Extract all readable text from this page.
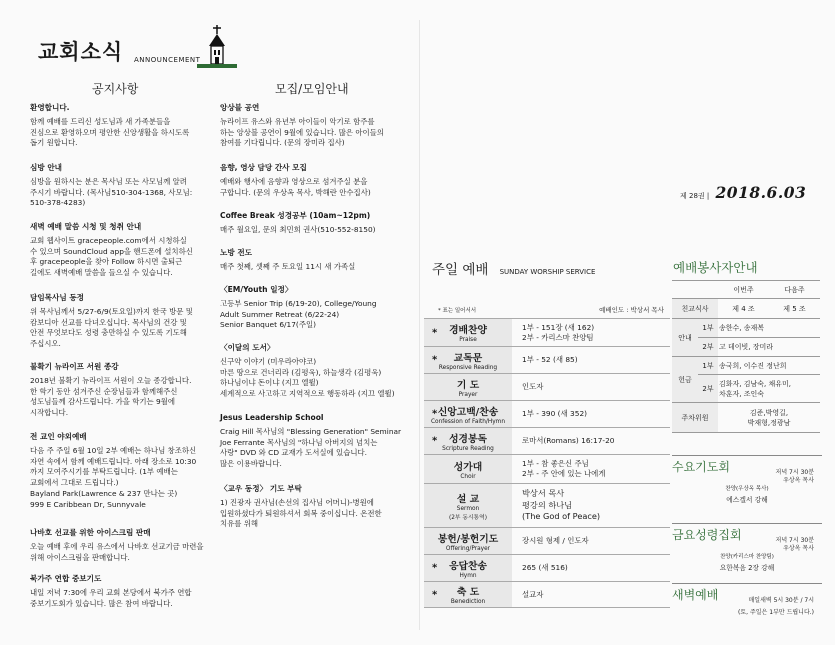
교회소식 ANNOUNCEMENT
공지사항	모집/모임안내
환영합니다.

함께 예배를 드리신 성도님과 새 가족분들을
진심으로 환영하오며 평안한 신앙생활을 하시도록
돕기 원합니다.

심방 안내

심방을 원하시는 분은 목사님 또는 사모님께 알려
주시기 바랍니다. (목사님510-304-1368, 사모님:
510-378-4283)

새벽 예배 말씀 시청 및 청취 안내

교회 웹사이트 gracepeople.com에서 시청하실
수 있으며 SoundCloud app을 핸드폰에 설치하신
후 gracepeople을 찾아 Follow 하시면 출퇴근
길에도 새벽예배 말씀을 들으실 수 있습니다.

담임목사님 동정

위 목사님께서 5/27-6/9(토요일)까지 한국 방문 및
캄보디아 선교를 다녀오십니다. 목사님의 건강 및
안전 무엇보다도 성령 충만하실 수 있도록 기도해
주십시오.

불확기 뉴라이프 서원 종강

2018년 불확기 뉴라이프 서원이 오늘 종강합니다.
한 학기 동안 섬겨주신 순장님들과 함께해주신
성도님들께 감사드립니다. 가을 학기는 9월에
시작합니다.

전 교인 야외예배

다음 주 주일 6월 10일 2부 예배는 하나님 창조하신
자연 속에서 함께 예배드립니다. 아래 장소로 10:30
까지 모여주시기를 부탁드립니다. (1부 예배는
교회에서 그대로 드립니다.)
Bayland Park(Lawrence & 237 만나는 곳)
999 E Caribbean Dr, Sunnyvale

나바호 선교를 위한 아이스크림 판매

오늘 예배 후에 우리 유스에서 나바호 선교기금 마련을
위해 아이스크림을 판매합니다.

북가주 연합 중보기도

내일 저녁 7:30에 우리 교회 본당에서 북가주 연합
중보기도회가 있습니다. 많은 참여 바랍니다.

앙상블 공연

뉴라이프 유스와 유년부 아이들이 악기로 함주를
하는 앙상블 공연이 9월에 있습니다. 많은 아이들의
참여를 기다립니다. (문의 장미라 집사)

음향, 영상 담당 간사 모집

예배와 행사에 음향과 영상으로 섬겨주실 분을
구합니다. (문의 우상옥 목사, 박해란 안수집사)

Coffee Break 성경공부 (10am~12pm)

매주 월요일, 문의 최민희 권사(510-552-8150)

노방 전도

매주 첫째, 셋째 주 토요일 11시 새 가족실

〈EM/Youth 일정〉

고등부 Senior Trip (6/19-20), College/Young
Adult Summer Retreat (6/22-24)
Senior Banquet 6/17(주일)

〈이달의 도서〉

신구약 이야기 (미우라아야코)
마른 땅으로 건너리라 (김평욱), 하늘생각 (김평욱)
하나님이냐 돈이냐 (지끄 엘륄)
세계적으로 사고하고 지역적으로 행동하라 (지끄 엘륄)

Jesus Leadership School

Craig Hill 목사님의 "Blessing Generation" Seminar
Joe Ferrante 목사님의 "하나님 아버지의 넘치는
사랑" DVD 와 CD 교재가 도서실에 있습니다.
많은 이용바랍니다.

〈교우 동정〉 기도 부탁

1) 진광자 권사님(손선의 집사님 어머니)-병원에
입원하셨다가 퇴원하셔서 회복 중이십니다. 온전한
치유를 위해

제 28권 | 2018.6.03
주일 예배 SUNDAY WORSHIP SERVICE
* 표는 일어서서	예배인도 : 박상서 목사
경배찬양
Praise
*	1부 - 151장 (새 162)
2부 - 카리스마 찬양팀
교독문
Responsive Reading
*	1부 - 52 (새 85)
기 도
Prayer
인도자
신앙고백/찬송
Confession of Faith/Hymn
*	1부 - 390 (새 352)
성경봉독
Scripture Reading
*	로마서(Romans) 16:17-20
성가대
Choir
1부 - 참 좋은신 주님
2부 - 주 안에 있는 나에게
설 교
Sermon
(2부 동시통역)
박상서 목사
평강의 하나님
(The God of Peace)
봉헌/봉헌기도
Offering/Prayer
장시원 형제 / 인도자
응답찬송
Hymn
*	265 (새 516)
축 도
Benediction
*	설교자
예배봉사자안내
		이번주	다음주
친교식사		제 4 조	제 5 조
안내	1부	송한수, 송재복	
	2부	고 데이빗, 장미라	
헌금	1부	송국희, 이수진 정난희	
	2부	김화자, 김남숙, 채유미,
차훈자, 조인숙	
주차위원		김준,박영길,
박재형,정광남	
수요기도회	저녁 7시 30분
우상옥 목사
찬양(우상옥 목사)
에스겔서 강해
금요성령집회	저녁 7시 30분
우상옥 목사
찬양(카리스마 찬양팀)
요한복음 2장 강해
새벽예배	매일새벽 5시 30분 / 7시
(토, 주일은 1부만 드립니다.)
